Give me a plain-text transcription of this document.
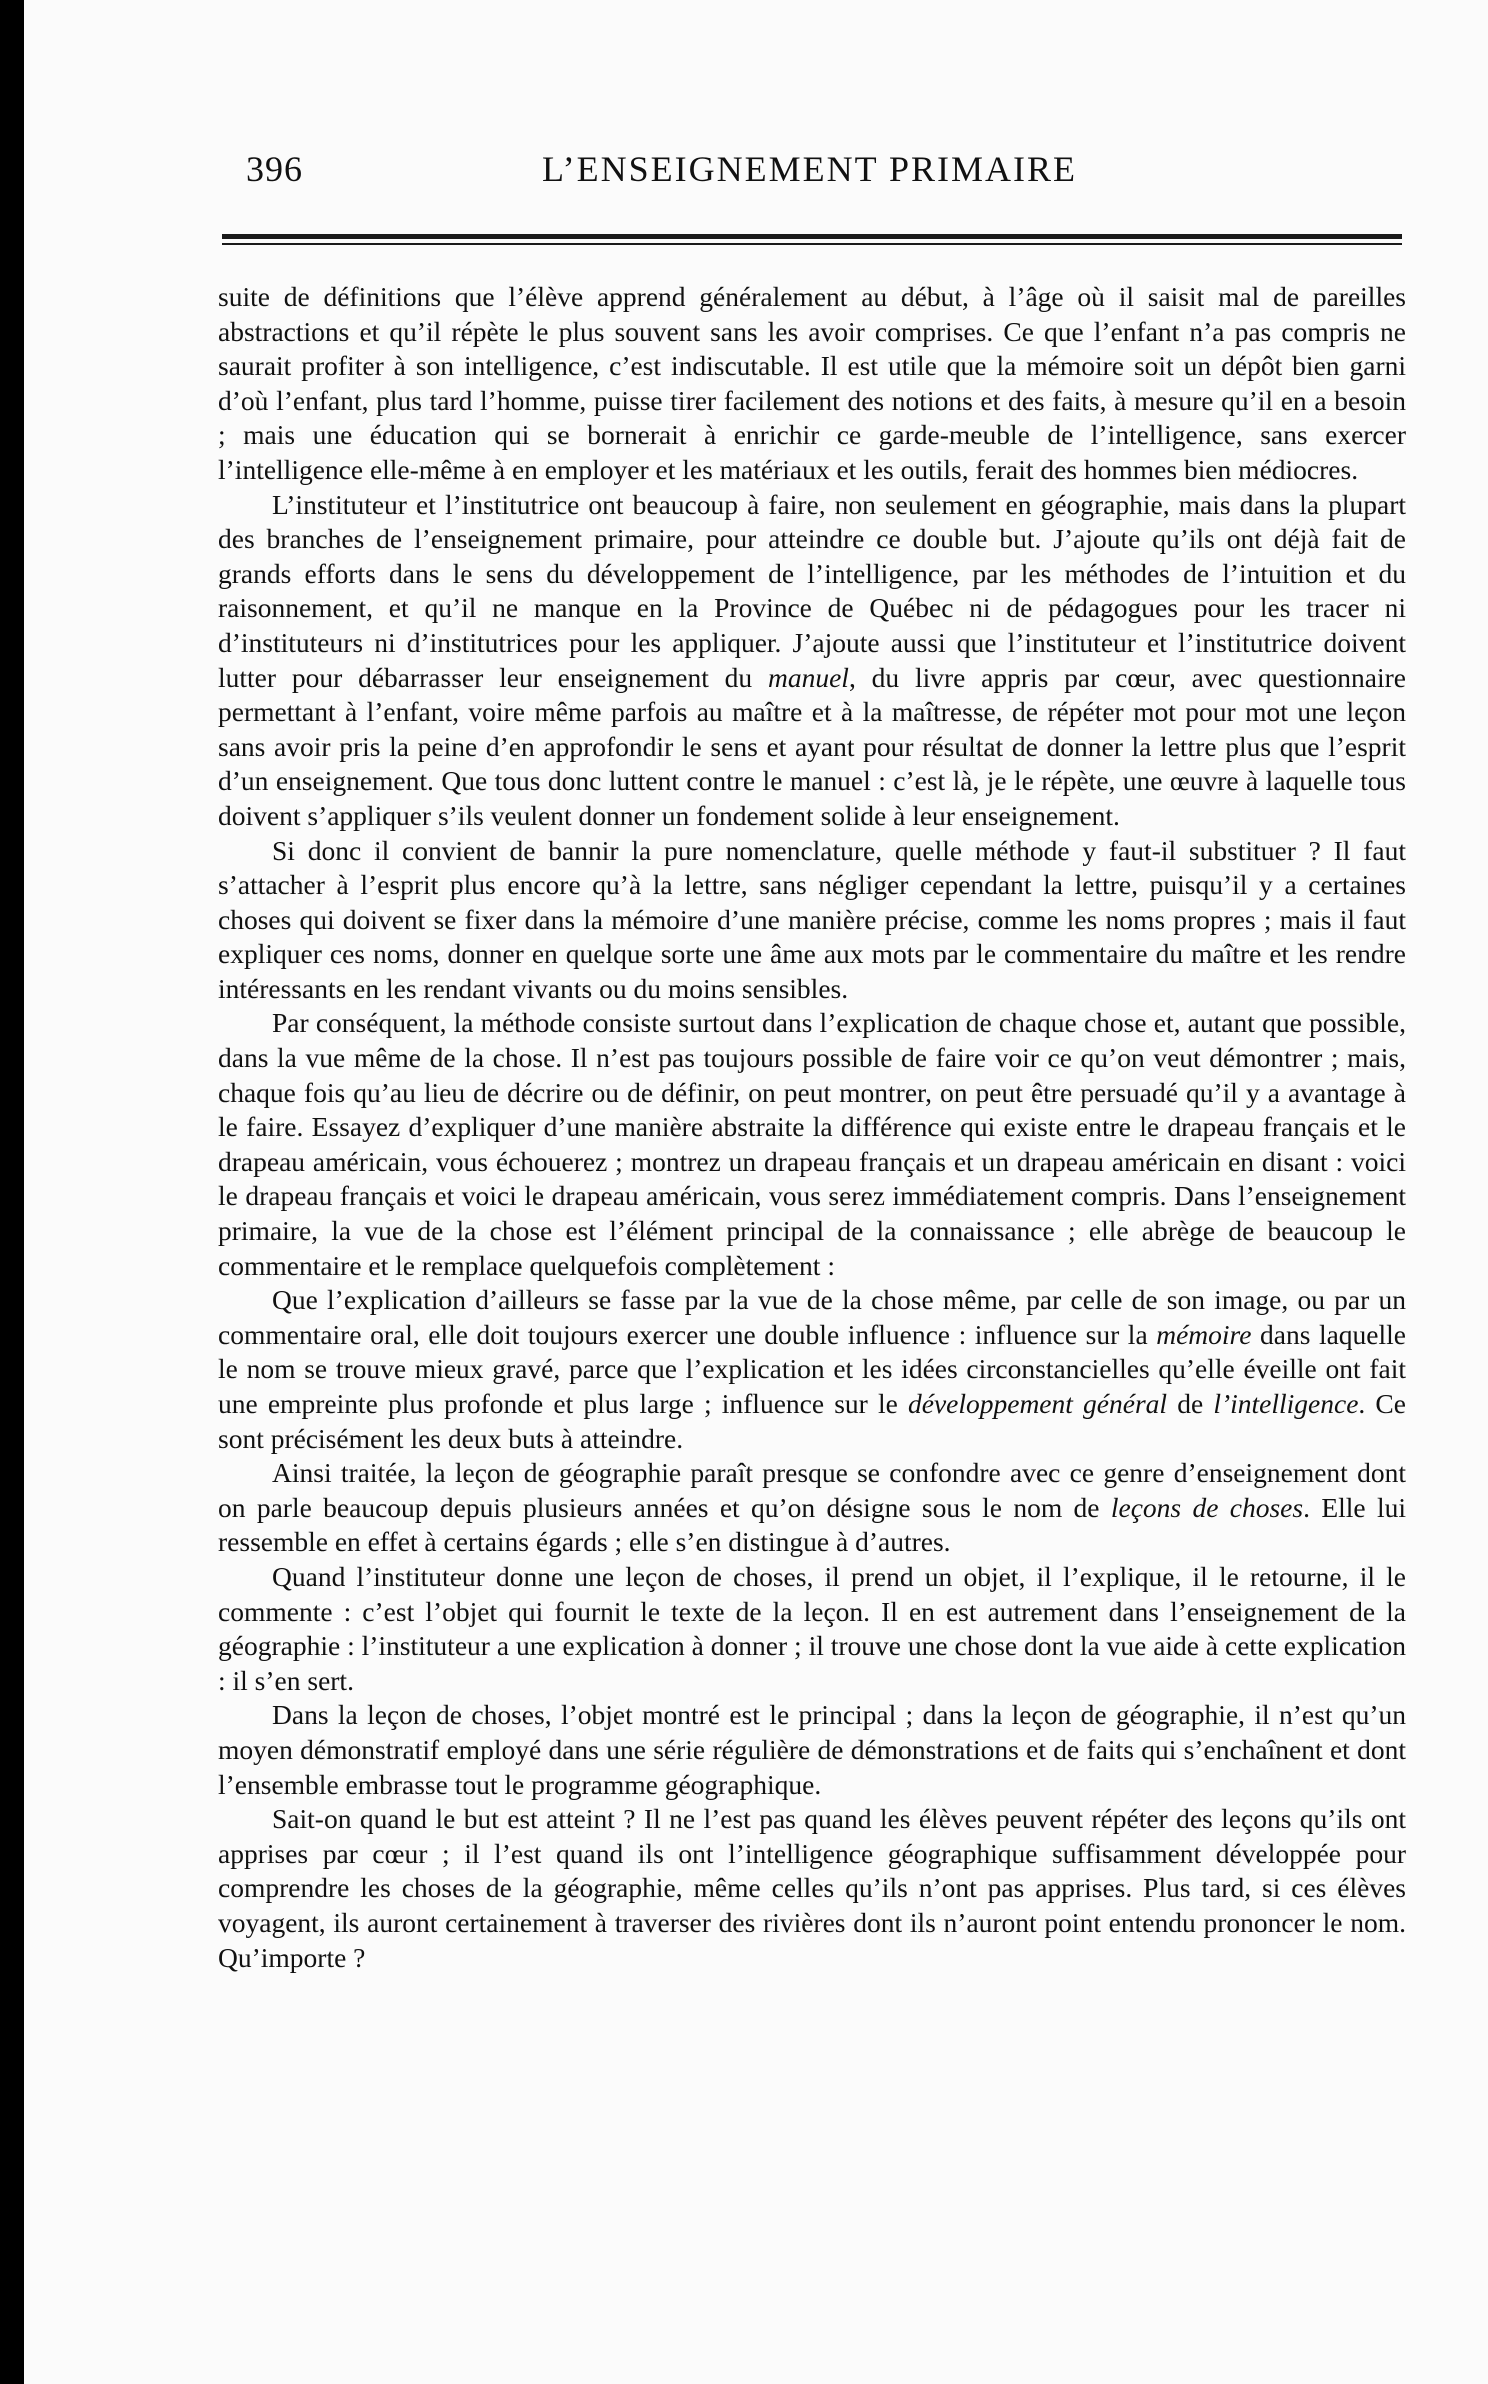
396	L’ENSEIGNEMENT PRIMAIRE

suite de définitions que l’élève apprend généralement au début, à l’âge où il saisit mal de pareilles abstractions et qu’il répète le plus souvent sans les avoir comprises. Ce que l’enfant n’a pas compris ne saurait profiter à son intelligence, c’est indiscutable. Il est utile que la mémoire soit un dépôt bien garni d’où l’enfant, plus tard l’homme, puisse tirer facilement des notions et des faits, à mesure qu’il en a besoin ; mais une éducation qui se bornerait à enrichir ce garde-meuble de l’intelligence, sans exercer l’intelligence elle-même à en employer et les matériaux et les outils, ferait des hommes bien médiocres.

L’instituteur et l’institutrice ont beaucoup à faire, non seulement en géographie, mais dans la plupart des branches de l’enseignement primaire, pour atteindre ce double but. J’ajoute qu’ils ont déjà fait de grands efforts dans le sens du développement de l’intelligence, par les méthodes de l’intuition et du raisonnement, et qu’il ne manque en la Province de Québec ni de pédagogues pour les tracer ni d’instituteurs ni d’institutrices pour les appliquer. J’ajoute aussi que l’instituteur et l’institutrice doivent lutter pour débarrasser leur enseignement du manuel, du livre appris par cœur, avec questionnaire permettant à l’enfant, voire même parfois au maître et à la maîtresse, de répéter mot pour mot une leçon sans avoir pris la peine d’en approfondir le sens et ayant pour résultat de donner la lettre plus que l’esprit d’un enseignement. Que tous donc luttent contre le manuel : c’est là, je le répète, une œuvre à laquelle tous doivent s’appliquer s’ils veulent donner un fondement solide à leur enseignement.

Si donc il convient de bannir la pure nomenclature, quelle méthode y faut-il substituer ? Il faut s’attacher à l’esprit plus encore qu’à la lettre, sans négliger cependant la lettre, puisqu’il y a certaines choses qui doivent se fixer dans la mémoire d’une manière précise, comme les noms propres ; mais il faut expliquer ces noms, donner en quelque sorte une âme aux mots par le commentaire du maître et les rendre intéressants en les rendant vivants ou du moins sensibles.

Par conséquent, la méthode consiste surtout dans l’explication de chaque chose et, autant que possible, dans la vue même de la chose. Il n’est pas toujours possible de faire voir ce qu’on veut démontrer ; mais, chaque fois qu’au lieu de décrire ou de définir, on peut montrer, on peut être persuadé qu’il y a avantage à le faire. Essayez d’expliquer d’une manière abstraite la différence qui existe entre le drapeau français et le drapeau américain, vous échouerez ; montrez un drapeau français et un drapeau américain en disant : voici le drapeau français et voici le drapeau américain, vous serez immédiatement compris. Dans l’enseignement primaire, la vue de la chose est l’élément principal de la connaissance ; elle abrège de beaucoup le commentaire et le remplace quelquefois complètement :

Que l’explication d’ailleurs se fasse par la vue de la chose même, par celle de son image, ou par un commentaire oral, elle doit toujours exercer une double influence : influence sur la mémoire dans laquelle le nom se trouve mieux gravé, parce que l’explication et les idées circonstancielles qu’elle éveille ont fait une empreinte plus profonde et plus large ; influence sur le développement général de l’intelligence. Ce sont précisément les deux buts à atteindre.

Ainsi traitée, la leçon de géographie paraît presque se confondre avec ce genre d’enseignement dont on parle beaucoup depuis plusieurs années et qu’on désigne sous le nom de leçons de choses. Elle lui ressemble en effet à certains égards ; elle s’en distingue à d’autres.

Quand l’instituteur donne une leçon de choses, il prend un objet, il l’explique, il le retourne, il le commente : c’est l’objet qui fournit le texte de la leçon. Il en est autrement dans l’enseignement de la géographie : l’instituteur a une explication à donner ; il trouve une chose dont la vue aide à cette explication : il s’en sert.

Dans la leçon de choses, l’objet montré est le principal ; dans la leçon de géographie, il n’est qu’un moyen démonstratif employé dans une série régulière de démonstrations et de faits qui s’enchaînent et dont l’ensemble embrasse tout le programme géographique.

Sait-on quand le but est atteint ? Il ne l’est pas quand les élèves peuvent répéter des leçons qu’ils ont apprises par cœur ; il l’est quand ils ont l’intelligence géographique suffisamment développée pour comprendre les choses de la géographie, même celles qu’ils n’ont pas apprises. Plus tard, si ces élèves voyagent, ils auront certainement à traverser des rivières dont ils n’auront point entendu prononcer le nom. Qu’importe ?
